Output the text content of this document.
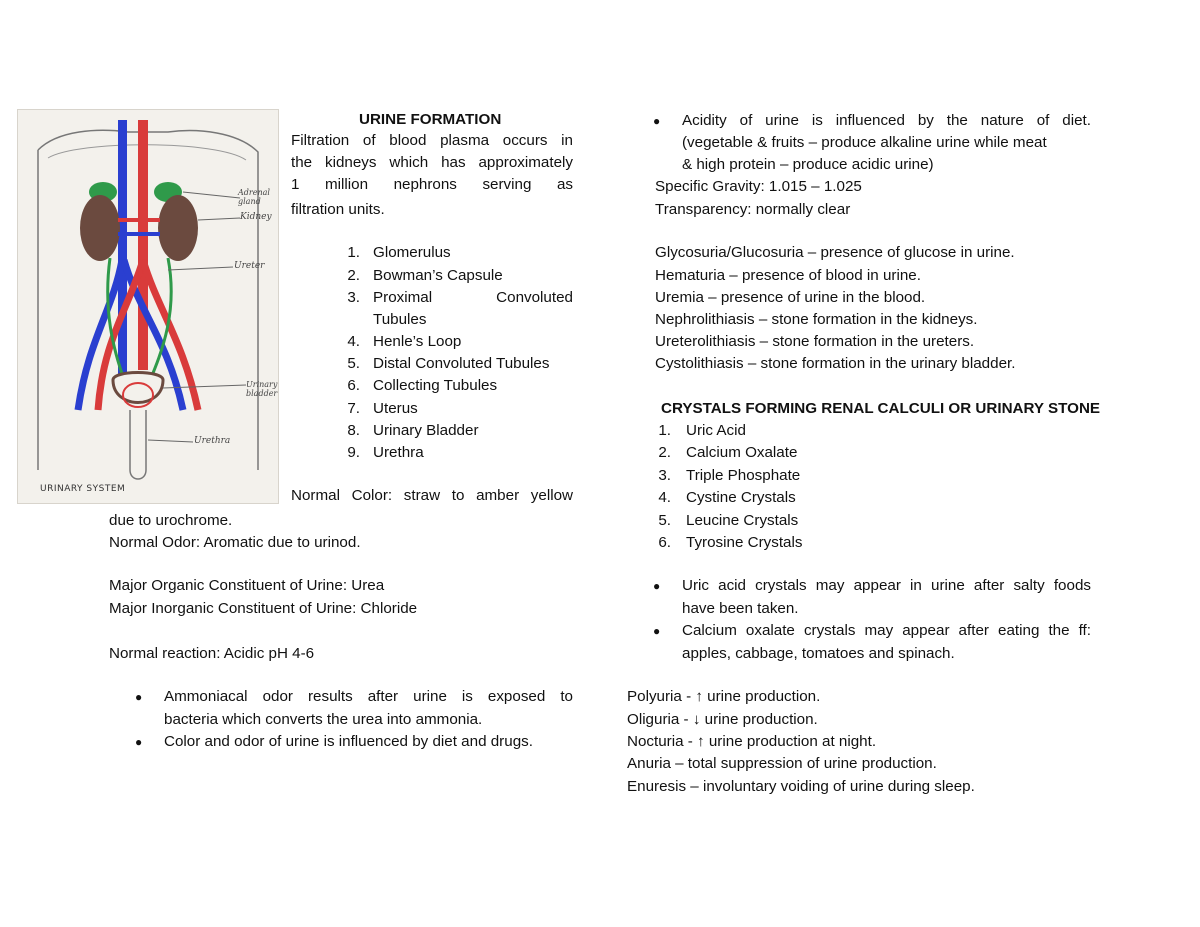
Adrenal gland
Kidney
Ureter
Urinary bladder
Urethra
URINARY SYSTEM
URINE FORMATION
Filtration of blood plasma occurs in
the kidneys which has approximately
1 million nephrons serving as
filtration units.
1. Glomerulus
2. Bowman’s Capsule
3. Proximal Convoluted
Tubules
4. Henle’s Loop
5. Distal Convoluted Tubules
6. Collecting Tubules
7. Uterus
8. Urinary Bladder
9. Urethra
Normal Color: straw to amber yellow
due to urochrome.
Normal Odor: Aromatic due to urinod.
Major Organic Constituent of Urine: Urea
Major Inorganic Constituent of Urine: Chloride
Normal reaction: Acidic pH 4-6
● Ammoniacal odor results after urine is exposed to
bacteria which converts the urea into ammonia.
● Color and odor of urine is influenced by diet and drugs.
● Acidity of urine is influenced by the nature of diet.
(vegetable & fruits – produce alkaline urine while meat
& high protein – produce acidic urine)
Specific Gravity: 1.015 – 1.025
Transparency: normally clear
Glycosuria/Glucosuria – presence of glucose in urine.
Hematuria – presence of blood in urine.
Uremia – presence of urine in the blood.
Nephrolithiasis – stone formation in the kidneys.
Ureterolithiasis – stone formation in the ureters.
Cystolithiasis – stone formation in the urinary bladder.
CRYSTALS FORMING RENAL CALCULI OR URINARY STONE
1. Uric Acid
2. Calcium Oxalate
3. Triple Phosphate
4. Cystine Crystals
5. Leucine Crystals
6. Tyrosine Crystals
● Uric acid crystals may appear in urine after salty foods
have been taken.
● Calcium oxalate crystals may appear after eating the ff:
apples, cabbage, tomatoes and spinach.
Polyuria - ↑ urine production.
Oliguria - ↓ urine production.
Nocturia - ↑ urine production at night.
Anuria – total suppression of urine production.
Enuresis – involuntary voiding of urine during sleep.
